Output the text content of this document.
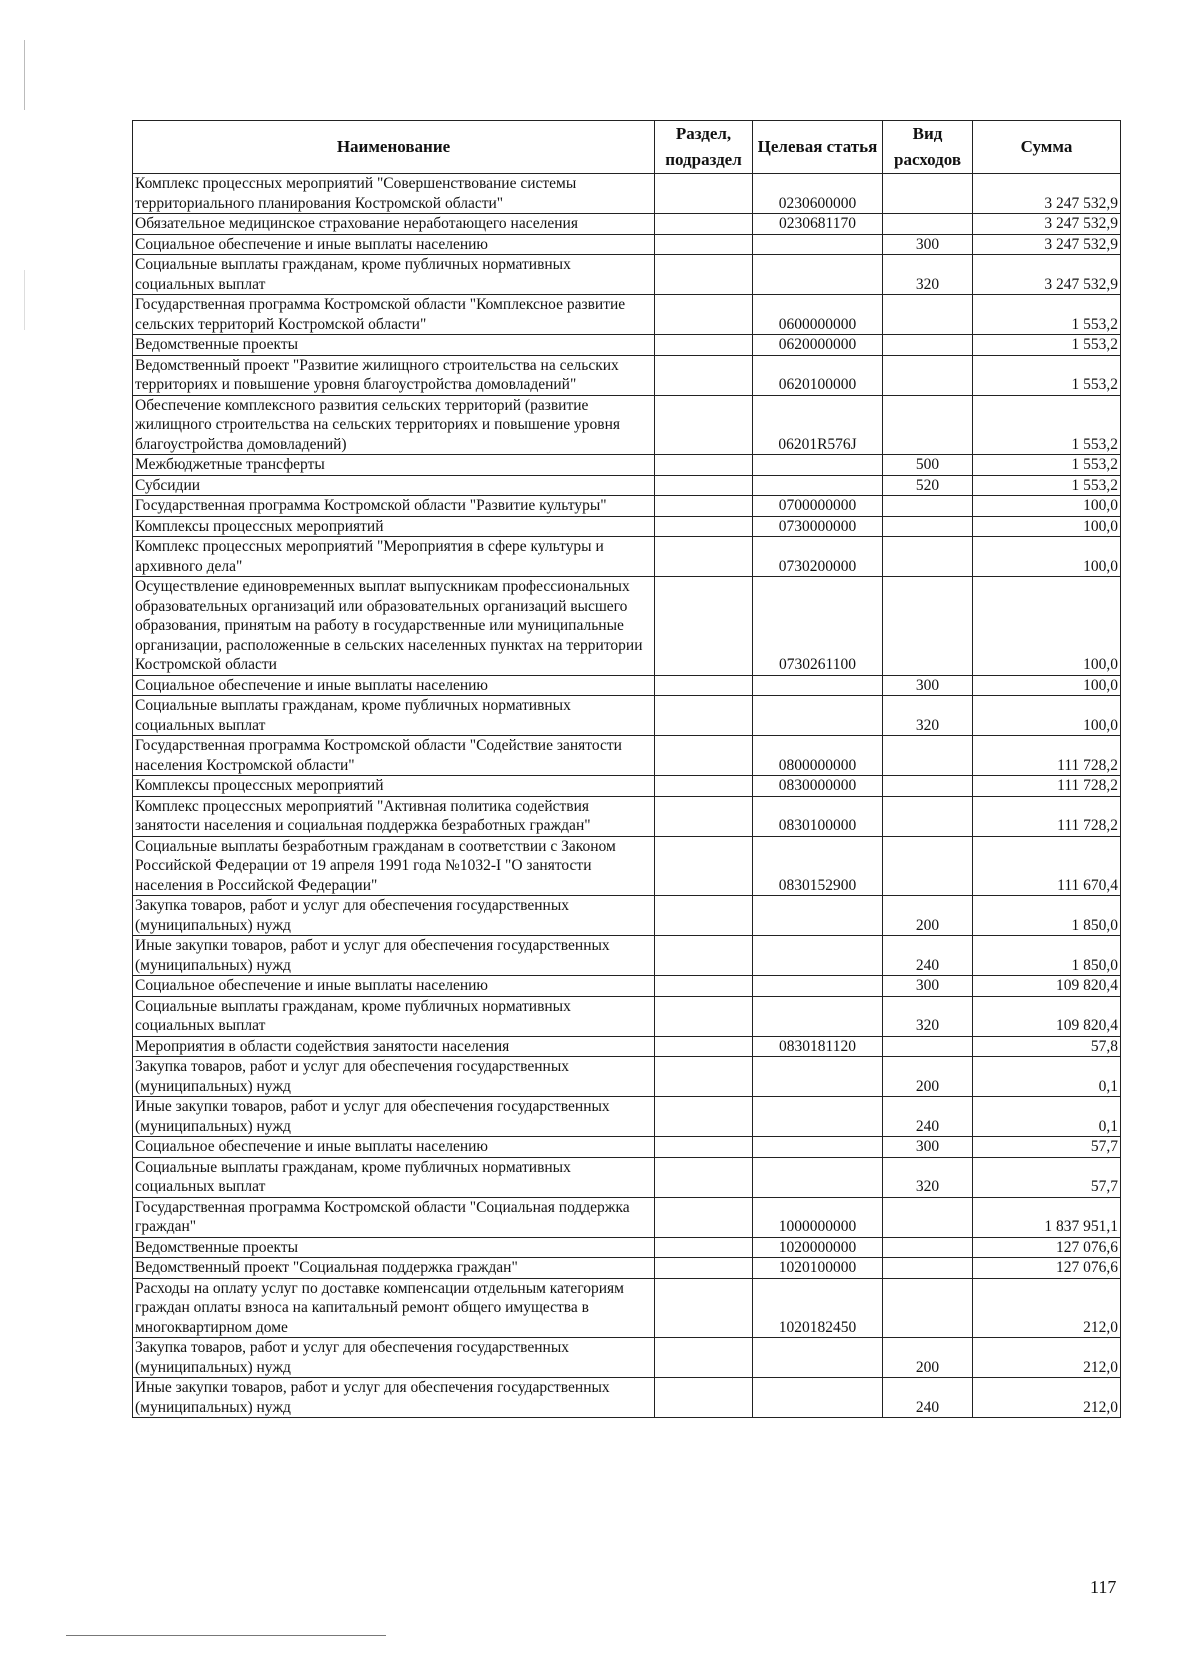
Наименование	Раздел, подраздел	Целевая статья	Вид расходов	Сумма
Комплекс процессных мероприятий "Совершенствование системы территориального планирования Костромской области"		0230600000		3 247 532,9
Обязательное медицинское страхование неработающего населения		0230681170		3 247 532,9
Социальное обеспечение и иные выплаты населению			300	3 247 532,9
Социальные выплаты гражданам, кроме публичных нормативных социальных выплат			320	3 247 532,9
Государственная программа Костромской области "Комплексное развитие сельских территорий Костромской области"		0600000000		1 553,2
Ведомственные проекты		0620000000		1 553,2
Ведомственный проект "Развитие жилищного строительства на сельских территориях и повышение уровня благоустройства домовладений"		0620100000		1 553,2
Обеспечение комплексного развития сельских территорий (развитие жилищного строительства на сельских территориях и повышение уровня благоустройства домовладений)		06201R576J		1 553,2
Межбюджетные трансферты			500	1 553,2
Субсидии			520	1 553,2
Государственная программа Костромской области "Развитие культуры"		0700000000		100,0
Комплексы процессных мероприятий		0730000000		100,0
Комплекс процессных мероприятий "Мероприятия в сфере культуры и архивного дела"		0730200000		100,0
Осуществление единовременных выплат выпускникам профессиональных образовательных организаций или образовательных организаций высшего образования, принятым на работу в государственные или муниципальные организации, расположенные в сельских населенных пунктах на территории Костромской области		0730261100		100,0
Социальное обеспечение и иные выплаты населению			300	100,0
Социальные выплаты гражданам, кроме публичных нормативных социальных выплат			320	100,0
Государственная программа Костромской области "Содействие занятости населения Костромской области"		0800000000		111 728,2
Комплексы процессных мероприятий		0830000000		111 728,2
Комплекс процессных мероприятий "Активная политика содействия занятости населения и социальная поддержка безработных граждан"		0830100000		111 728,2
Социальные выплаты безработным гражданам в соответствии с Законом Российской Федерации от 19 апреля 1991 года №1032-I "О занятости населения в Российской Федерации"		0830152900		111 670,4
Закупка товаров, работ и услуг для обеспечения государственных (муниципальных) нужд			200	1 850,0
Иные закупки товаров, работ и услуг для обеспечения государственных (муниципальных) нужд			240	1 850,0
Социальное обеспечение и иные выплаты населению			300	109 820,4
Социальные выплаты гражданам, кроме публичных нормативных социальных выплат			320	109 820,4
Мероприятия в области содействия занятости населения		0830181120		57,8
Закупка товаров, работ и услуг для обеспечения государственных (муниципальных) нужд			200	0,1
Иные закупки товаров, работ и услуг для обеспечения государственных (муниципальных) нужд			240	0,1
Социальное обеспечение и иные выплаты населению			300	57,7
Социальные выплаты гражданам, кроме публичных нормативных социальных выплат			320	57,7
Государственная программа Костромской области "Социальная поддержка граждан"		1000000000		1 837 951,1
Ведомственные проекты		1020000000		127 076,6
Ведомственный проект "Социальная поддержка граждан"		1020100000		127 076,6
Расходы на оплату услуг по доставке компенсации отдельным категориям граждан оплаты взноса на капитальный ремонт общего имущества в многоквартирном доме		1020182450		212,0
Закупка товаров, работ и услуг для обеспечения государственных (муниципальных) нужд			200	212,0
Иные закупки товаров, работ и услуг для обеспечения государственных (муниципальных) нужд			240	212,0
117
